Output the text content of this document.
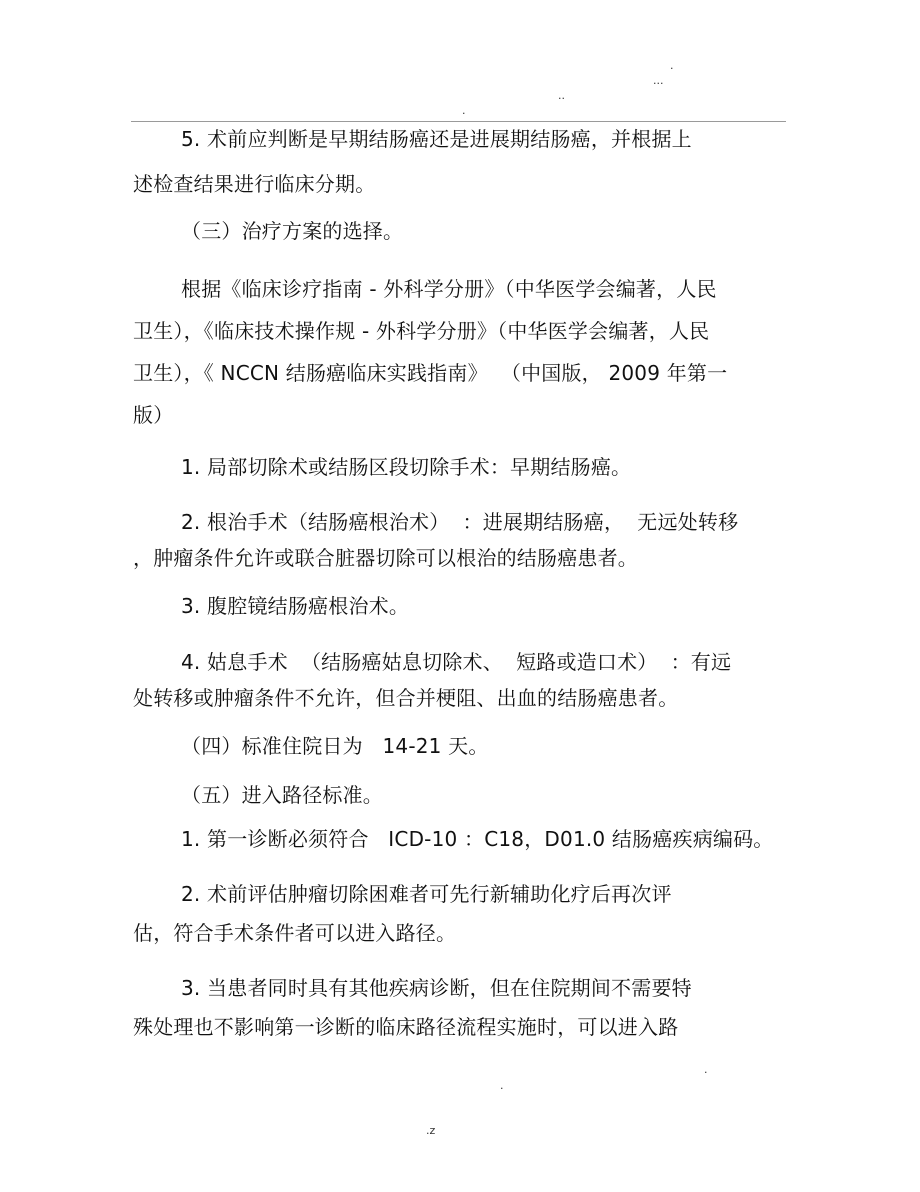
.
...
..
.
5. 术前应判断是早期结肠癌还是进展期结肠癌，并根据上
述检查结果进行临床分期。
（三）治疗方案的选择。
根据《临床诊疗指南 - 外科学分册》（中华医学会编著，人民
卫生），《临床技术操作规 - 外科学分册》（中华医学会编著，人民
卫生），《 NCCN 结肠癌临床实践指南》  （中国版， 2009 年第一
版）
1. 局部切除术或结肠区段切除手术：早期结肠癌。
2. 根治手术（结肠癌根治术）  ：进展期结肠癌，  无远处转移
，肿瘤条件允许或联合脏器切除可以根治的结肠癌患者。
3. 腹腔镜结肠癌根治术。
4. 姑息手术  （结肠癌姑息切除术、  短路或造口术）  ：有远
处转移或肿瘤条件不允许，但合并梗阻、出血的结肠癌患者。
（四）标准住院日为   14-21 天。
（五）进入路径标准。
1. 第一诊断必须符合   ICD-10 ：C18，D01.0 结肠癌疾病编码。
2. 术前评估肿瘤切除困难者可先行新辅助化疗后再次评
估，符合手术条件者可以进入路径。
3. 当患者同时具有其他疾病诊断，但在住院期间不需要特
殊处理也不影响第一诊断的临床路径流程实施时，可以进入路
.
.
.z
